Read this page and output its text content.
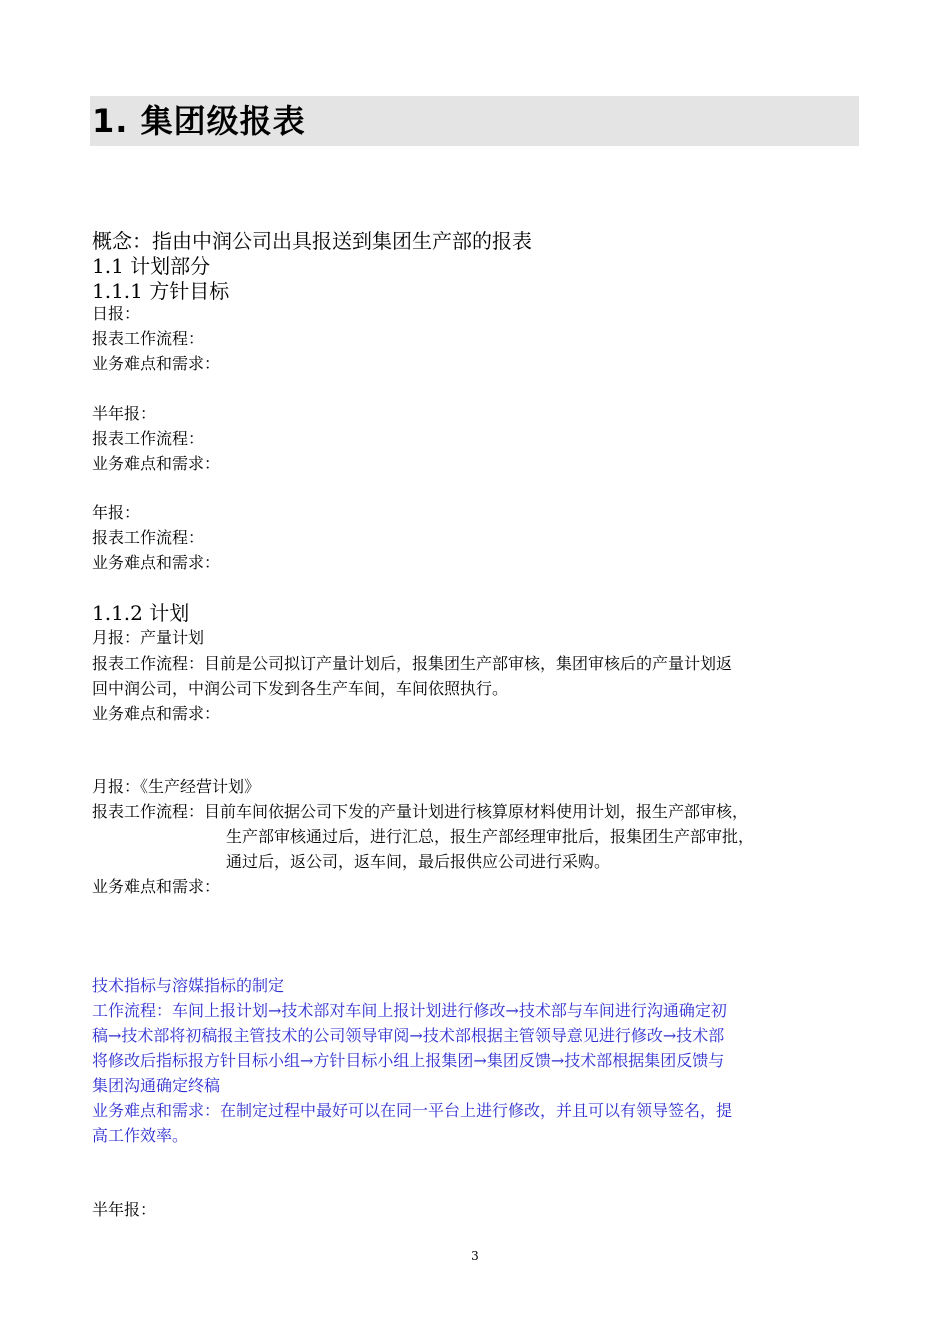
1. 集团级报表
概念：指由中润公司出具报送到集团生产部的报表
1.1 计划部分
1.1.1 方针目标
日报：
报表工作流程：
业务难点和需求：
半年报：
报表工作流程：
业务难点和需求：
年报：
报表工作流程：
业务难点和需求：
1.1.2 计划
月报：产量计划
报表工作流程：目前是公司拟订产量计划后，报集团生产部审核，集团审核后的产量计划返
回中润公司，中润公司下发到各生产车间，车间依照执行。
业务难点和需求：
月报：《生产经营计划》
报表工作流程：目前车间依据公司下发的产量计划进行核算原材料使用计划，报生产部审核，
生产部审核通过后，进行汇总，报生产部经理审批后，报集团生产部审批，
通过后，返公司，返车间，最后报供应公司进行采购。
业务难点和需求：
技术指标与溶媒指标的制定
工作流程：车间上报计划→技术部对车间上报计划进行修改→技术部与车间进行沟通确定初
稿→技术部将初稿报主管技术的公司领导审阅→技术部根据主管领导意见进行修改→技术部
将修改后指标报方针目标小组→方针目标小组上报集团→集团反馈→技术部根据集团反馈与
集团沟通确定终稿
业务难点和需求：在制定过程中最好可以在同一平台上进行修改，并且可以有领导签名，提
高工作效率。
半年报：
3
